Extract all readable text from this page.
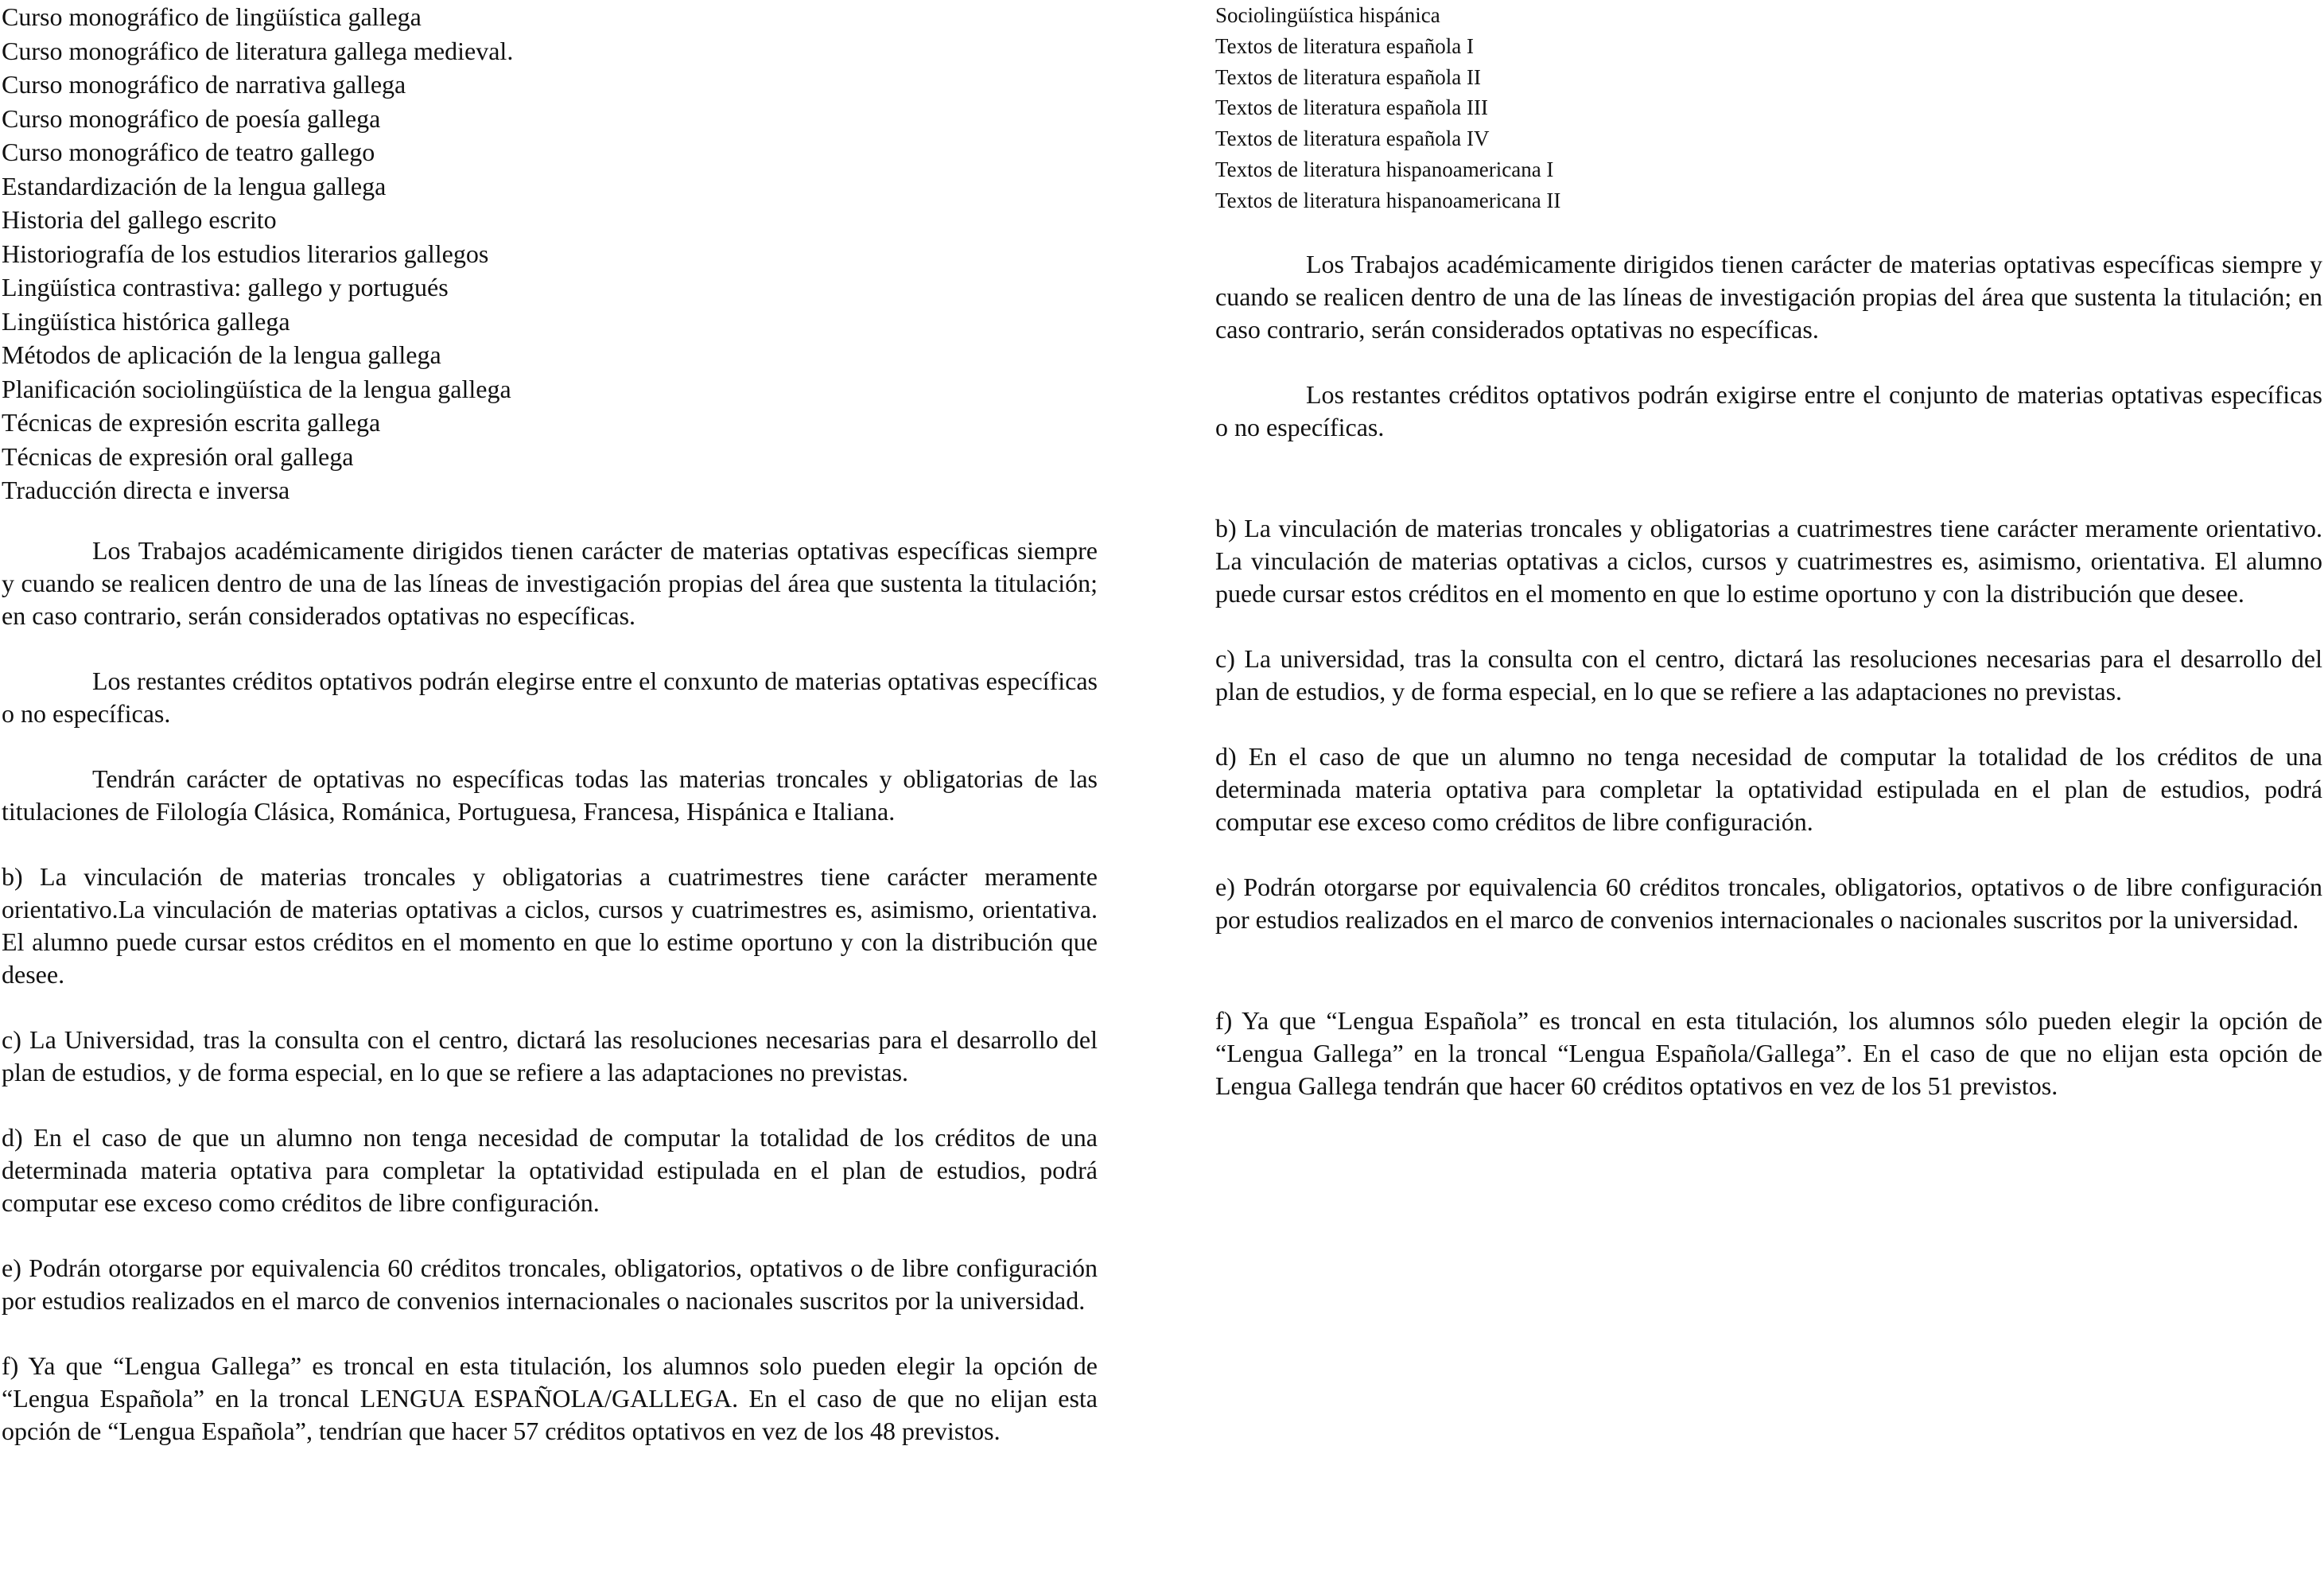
Curso monográfico de lingüística gallega
Curso monográfico de literatura gallega medieval.
Curso monográfico de narrativa gallega
Curso monográfico de poesía gallega
Curso monográfico de teatro gallego
Estandardización de la lengua gallega
Historia del gallego escrito
Historiografía de los estudios literarios gallegos
Lingüística contrastiva: gallego y portugués
Lingüística histórica gallega
Métodos de aplicación de la lengua gallega
Planificación sociolingüística de la lengua gallega
Técnicas de expresión escrita gallega
Técnicas de expresión oral gallega
Traducción directa e inversa

Los Trabajos académicamente dirigidos tienen carácter de materias optativas específicas siempre y cuando se realicen dentro de una de las líneas de investigación propias del área que sustenta la titulación; en caso contrario, serán considerados optativas no específicas.

Los restantes créditos optativos podrán elegirse entre el conxunto de materias optativas específicas o no específicas.

Tendrán carácter de optativas no específicas todas las materias troncales y obligatorias de las titulaciones de Filología Clásica, Románica, Portuguesa, Francesa, Hispánica e Italiana.

b) La vinculación de materias troncales y obligatorias a cuatrimestres tiene carácter meramente orientativo.La vinculación de materias optativas a ciclos, cursos y cuatrimestres es, asimismo, orientativa. El alumno puede cursar estos créditos en el momento en que lo estime oportuno y con la distribución que desee.

c) La Universidad, tras la consulta con el centro, dictará las resoluciones necesarias para el desarrollo del plan de estudios, y de forma especial, en lo que se refiere a las adaptaciones no previstas.

d) En el caso de que un alumno non tenga necesidad de computar la totalidad de los créditos de una determinada materia optativa para completar la optatividad estipulada en el plan de estudios, podrá computar ese exceso como créditos de libre configuración.

e) Podrán otorgarse por equivalencia 60 créditos troncales, obligatorios, optativos o de libre configuración por estudios realizados en el marco de convenios internacionales o nacionales suscritos por la universidad.

f) Ya que “Lengua Gallega” es troncal en esta titulación, los alumnos solo pueden elegir la opción de “Lengua Española” en la troncal LENGUA ESPAÑOLA/GALLEGA. En el caso de que no elijan esta opción de “Lengua Española”, tendrían que hacer 57 créditos optativos en vez de los 48 previstos.

Sociolingüística hispánica
Textos de literatura española I
Textos de literatura española II
Textos de literatura española III
Textos de literatura española IV
Textos de literatura hispanoamericana I
Textos de literatura hispanoamericana II

Los Trabajos académicamente dirigidos tienen carácter de materias optativas específicas siempre y cuando se realicen dentro de una de las líneas de investigación propias del área que sustenta la titulación; en caso contrario, serán considerados optativas no específicas.

Los restantes créditos optativos podrán exigirse entre el conjunto de materias optativas específicas o no específicas.

b) La vinculación de materias troncales y obligatorias a cuatrimestres tiene carácter meramente orientativo. La vinculación de materias optativas a ciclos, cursos y cuatrimestres es, asimismo, orientativa. El alumno puede cursar estos créditos en el momento en que lo estime oportuno y con la distribución que desee.

c) La universidad, tras la consulta con el centro, dictará las resoluciones necesarias para el desarrollo del plan de estudios, y de forma especial, en lo que se refiere a las adaptaciones no previstas.

d) En el caso de que un alumno no tenga necesidad de computar la totalidad de los créditos de una determinada materia optativa para completar la optatividad estipulada en el plan de estudios, podrá computar ese exceso como créditos de libre configuración.

e) Podrán otorgarse por equivalencia 60 créditos troncales, obligatorios, optativos o de libre configuración por estudios realizados en el marco de convenios internacionales o nacionales suscritos por la universidad.

f) Ya que “Lengua Española” es troncal en esta titulación, los alumnos sólo pueden elegir la opción de “Lengua Gallega” en la troncal “Lengua Española/Gallega”. En el caso de que no elijan esta opción de Lengua Gallega tendrán que hacer 60 créditos optativos en vez de los 51 previstos.
